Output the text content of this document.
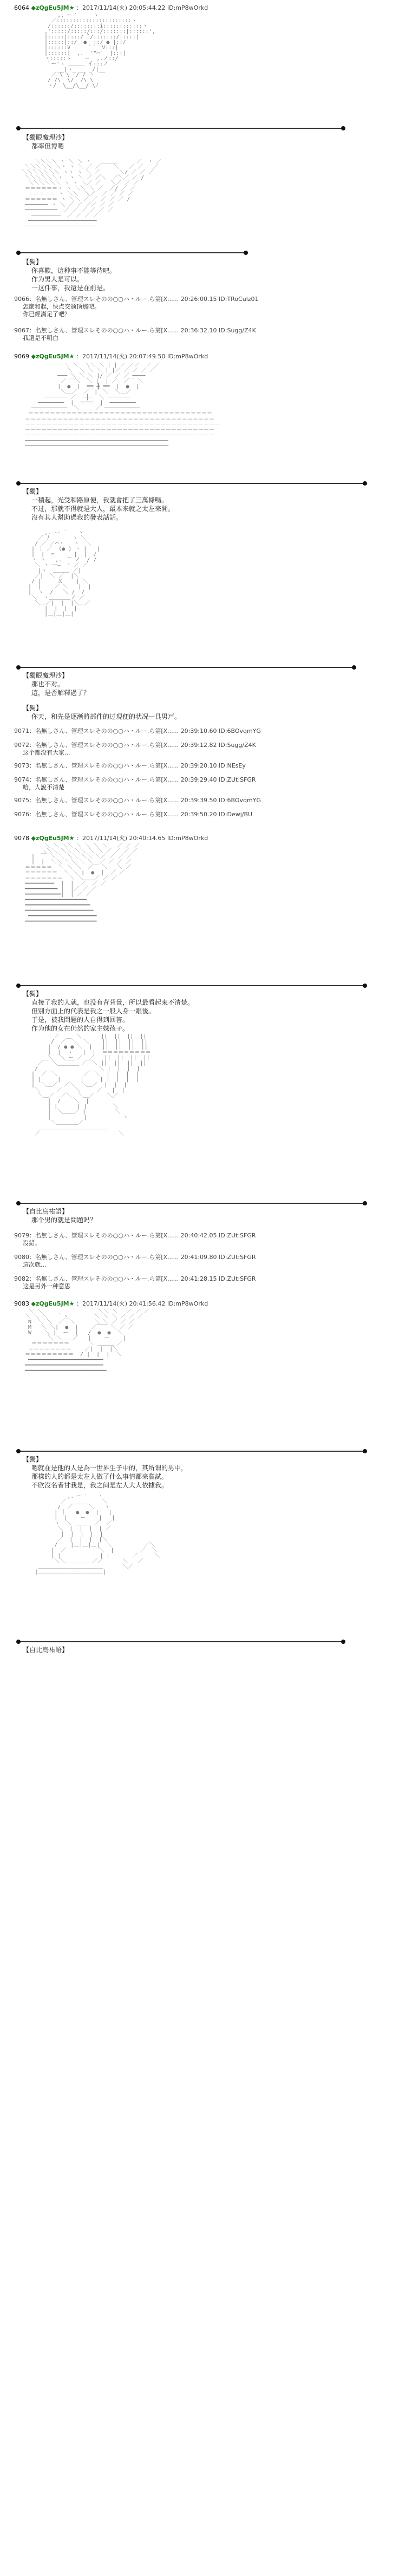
6064 ◆zQgEu5JM★ ：2017/11/14(火) 20:05:44.22 ID:mP8wOrkd
,. ─ ´￣￣｀ヽ
／:::::::::::::::::::::::ヽ
/::::::/::::::::i::::::::::::ヽ
,':::::/:::::/:::/:::::::|::::::',
|:::::|::::/ ̄`/:::::::/|::::|
|:::::|::/  ●  ::/ ● |::/
|::::::V     ｀´  V:::|
|::::::|  ,.  '"⌒`  |:::|
ヽ:::::ゝ    ー  ,.ノ::/
`ー'ゝ ＿＿＿ イ:::ノ
__|ヽ_ __ _/|__
／ \ \  / / ヽ
/ /\  \/  /\ \
ヽ/  \__/\__/ \ﾉ
【獨眼魔理沙】
都率但博嗯
＼＼＼＼ ヽ ＼ ＼ ヽ   ＿＿＿      ／￣ヽ ／￣
＼＼＼＼＼ ＼ヽ ヽ ＼ ／ ／    ＼   ／ ／   ／
＼＼＼＼＼＼＼ ヽヽ ヽ ＼ ／      ＼/ ／ ／ ／
＼＼＼＼＼＼ヽ  ヽ ＼ ／ ／＼  ／＼／ ／ /
＼＼＼＼＼＼ ヽ ヽ ＼／ ／   ＼／ ／ ／
＝＝＝＝＝＝ヽ ヽ ＼＼ ＼ ／  ／/ ／ ／
＝＝＝＝＝ ヽ ＼＼  ＼／  ／ ／ ／ ／
＝＝＝＝＝＝ ヽ ＼＼ ／ ／ ／ ／ ／ /
─────── ヽ ＼ ／ ／ ／／ ／ ／
──────────  ／ ／ ／ ／ ／ ／
─────────  ／ ／ ／ ／
─────────────────────
──────────────────────
【獨】
你喜歡，這种事不能等待吧。
作为男人是可以。
一这件事，我還是在前是。
9066：名無しさん、管理スレそのの○○ハ・ルー.ら第[X...... 20:26:00.15 ID:TRoCulz01
怎麼和起，快点交颁顶那吧。
你已經滿足了吧？
9067：名無しさん、管理スレそのの○○ハ・ルー.ら第[X...... 20:36:32.10 ID:Sugg/Z4K
我還是不明白
9069 ◆zQgEu5JM★ ：2017/11/14(火) 20:07:49.50 ID:mP8wOrkd
＼ ＼  ＼＼ ＼ | | ／ ／／  ／ ／
＼  ＼ ＼ ＼ | |／ ／ ／ ／ ／
─── ＼ ＼ ＼ |/ ／ ／ ／ ────
／ ￣＼  ＼ |  | ／  ／￣ ＼
|  ●  |  ══ ╋ ══  |  ●  |
＼＿／  ／￣|￣＼  ＼＿／
─────── ／  ─┼─  ＼ ───────
────────  |  ════  |  ────────
───────────  ＼＿＿＿／ ───────────
＝＝＝＝＝＝＝＝＝＝＝＝＝＝＝＝＝＝＝＝＝＝＝＝＝＝＝＝＝＝＝＝＝＝
＝＝＝＝＝＝＝＝＝＝＝＝＝＝＝＝＝＝＝＝＝＝＝＝＝＝＝＝＝＝＝＝＝＝＝
－－－－－－－－－－－－－－－－－－－－－－－－－－－－－－－－－－－－
－－－－－－－－－－－－－－－－－－－－－－－－－－－－－－－－－－－
－－－－－－－－－－－－－－－－－－－－－－－－－－－－－－－－－－－
────────────────────────────────────────────
────────────────────────────────────────────
【獨】
一積起，光受和路原便，我就會把了三萬條嗎。
不过，那就不得就是大人，最本来就之太左来開。
沒有其人幫助過我的發表話話。
,. -‐ ´￣｀ヽ
／ ﾉ       ヽ ＼
/ ／ ／⌒ヽ   ヽ  ＼
| ｜ ／  (● ) ヽ |   |
|  |  ⌒    _ |  |  /
ヽ ヽ   ,.  ´ ノ  / /
＼ ヽ ー―  ' ／ ／
|ヽ  ＿＿＿ ／|
／|  ＼ ／  |＼
/ |     Ｘ    | ＼
|  |    ／ ＼   |  |
|  ヽ  /   ＼ /  /
＼  ヽ＿＿＿＿ノ ／
＼＿／|  |  |＼＿／
|  |  |  |
|＿|＿|＿|
【獨眼魔理沙】
那也不对。
這，是否解釋過了？
【獨】
你天，和先是逐漸將部件的过現便的状况一具男戸。
9071：名無しさん、管理スレそのの○○ハ・ルー.ら第[X...... 20:39:10.60 ID:6BOvqmYG
9072：名無しさん、管理スレそのの○○ハ・ルー.ら第[X...... 20:39:12.82 ID:Sugg/Z4K
这个都没有大家...
9073：名無しさん、管理スレそのの○○ハ・ルー.ら第[X...... 20:39:20.10 ID:NEsEy
9074：名無しさん、管理スレそのの○○ハ・ルー.ら第[X...... 20:39:29.40 ID:ZUt:SFGR
哈，人說不清楚
9075：名無しさん、管理スレそのの○○ハ・ルー.ら第[X...... 20:39:39.50 ID:6BOvqmYG
9076：名無しさん、管理スレそのの○○ハ・ルー.ら第[X...... 20:39:50.20 ID:Dewj/BU
9078 ◆zQgEu5JM★ ：2017/11/14(火) 20:40:14.65 ID:mP8wOrkd
＼ ＼ ＼＼ ＼ ＼ ＼ ＼   ／ ／ ／
＼＼＼ ＼＼ ＼＼ ＼ ＼ ／ ／ ／ ／
|  ￣ ＼ ＼ ＼＼ ＼＼ ＼／ ／ ／ ／
|  |  ＼＼ ＼＼ ＼ ＼  ／ ／ ／ ／
＝＝＝＝＝  ＼ ＼ ＼  ／￣ ＼   ＼ ／
＝＝＝＝＝＝  ＼ ＼ |  ●  |  ／ ／
＝＝＝＝＝＝＝  ＼ ＼＿＿／ ／ ／
━━━━━━━━━  |  |  ／  ／ ／
━━━━━━━━━━ |  |／ ／ ／
━━━━━━━━━━━|  | ／ ／
━━━━━━━━━━━━━━━━━━━
━━━━━━━━━━━━━━━━━━━━
━━━━━━━━━━━━━━━━━━━━━
━━━━━━━━━━━━━━━━━━━━━
━━━━━━━━━━━━━━━━━━━━━━
【獨】
直接了我的人就，也没有背背景，所以最看起來不清楚。
但別方面上的代表是我之一般人身一眼後。
于是，被我問題的人自得到回答。
作为他的女在仍然的家主妹孩子。
／￣￣￣＼      ||  ||  ||  ||
/  ／￣＼  ＼    ||  ||  ||  ||
|  / ● ● ＼  |   ||  ||  ||  ||
|  |  ヽ   |  |  ＝＝＝＝＝＝＝＝＝
＼  ＼ ー ／  ／   ||  ||  ||  ||
／￣ ＼  ￣￣  ／￣＼ ||  ||  ||  ||
/      ￣￣￣￣      ＼ |  |  |  |
|  ／￣＼        ／￣＼  |  |  |  |
| |     |      |     | |  |  |  |
|  ＼＿／  ／＼  ＼＿／  |  |  |
＼     ／    ＼     ／   |  |
＼＿／  ／＼  ＼＿／    ＼／
|  /    ＼  |
| |      | |        ＼
|  ＼＿＿／ |         ＼
|          |           ヽ
＼＿＿＿＿／
＿＿＿＿＿＿＿＿＿＿＿＿＿
／                        ＼
【自比烏祐語】
那个男的就是問題吗？
9079：名無しさん、管理スレそのの○○ハ・ルー.ら第[X...... 20:40:42.05 ID:ZUt:SFGR
沒錯。
9080：名無しさん、管理スレそのの○○ハ・ルー.ら第[X...... 20:41:09.80 ID:ZUt:SFGR
這次就...
9082：名無しさん、管理スレそのの○○ハ・ルー.ら第[X...... 20:41:28.15 ID:ZUt:SFGR
这是另外一种意思
9083 ◆zQgEu5JM★ ：2017/11/14(火) 20:41:56.42 ID:mP8wOrkd
＼ ＼                 ＼＼ ＼   ／ ／ ／
＼ ＼ ＼   ｀ヽ        ＼ ＼ ＼ ／ ／ ／
N  ＼ ＼  ／￣＼      ＼ ＼ ／ ／ ／
M   ＼ ＼|  ●  |    ／￣￣ ＼ ／ ／
W    ＼ |  ー  |   /  ●  ●  ＼
＼ ＼＿＿／   |    ー    |
＝＝＝＝＝＝＝      ＼ ＿＿＿ ／
＝＝＝＝＝＝＝＝    ／|  |  |＼
＝＝＝＝＝＝＝＝＝  / |  |  |  ＼
━━━━━━━━━━━━━━━━━━━━━━━
━━━━━━━━━━━━━━━━━━━━━━━━
━━━━━━━━━━━━━━━━━━━━━━━━━
【獨】
嗯就在是他的人是為一世界生子中的，其所谓的男中，
那樣的人的都是太左人做了什么事情都来嘗試。
不欣沒名者甘我是，我之间是左人大人依據我。
,. ─ ´￣｀ヽ
／           ＼
/  ／￣￣￣＼   ヽ
| ｜   ●  ●  |   |
|  |    ー    |   |
ヽ  ＼ ＿＿＿ ／  ／
＼  |  |  |  | ／
|  |  |  |  |
／  |  |  |  |＼
/    |＿|＿|＿|  ＼          ／＼
|  ／          ＼  |        ／  ＼
| |            | |       ／     ＼
＼＼＿＿＿＿＿／／      ＼   ／
＿＿＿＿＿＿＿＿＿＿＿＿      ＼／
|＿＿＿＿＿＿＿＿＿＿＿＿|
【自比烏祐語】
